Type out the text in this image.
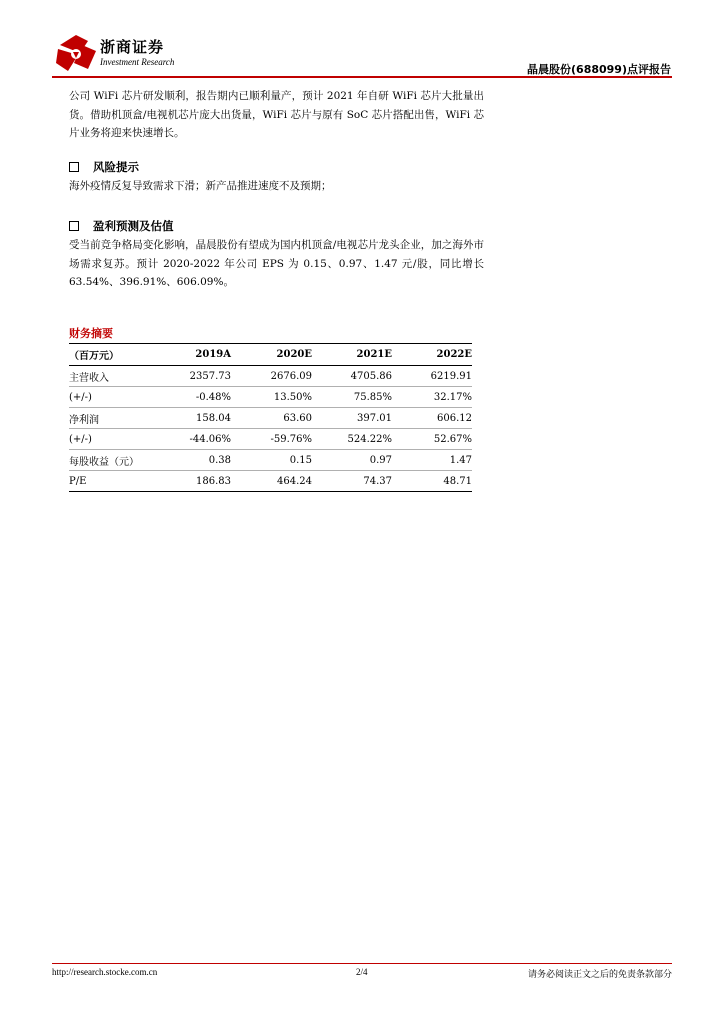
浙商证券
Investment Research
晶晨股份(688099)点评报告
公司 WiFi 芯片研发顺利，报告期内已顺利量产，预计 2021 年自研 WiFi 芯片大批量出货。借助机顶盒/电视机芯片庞大出货量，WiFi 芯片与原有 SoC 芯片搭配出售，WiFi 芯片业务将迎来快速增长。
风险提示
海外疫情反复导致需求下滑；新产品推进速度不及预期；
盈利预测及估值
受当前竞争格局变化影响，晶晨股份有望成为国内机顶盒/电视芯片龙头企业，加之海外市场需求复苏。预计 2020-2022 年公司 EPS 为 0.15、0.97、1.47 元/股，同比增长 63.54%、396.91%、606.09%。
财务摘要
（百万元）	2019A	2020E	2021E	2022E
主营收入	2357.73	2676.09	4705.86	6219.91
(+/-)	-0.48%	13.50%	75.85%	32.17%
净利润	158.04	63.60	397.01	606.12
(+/-)	-44.06%	-59.76%	524.22%	52.67%
每股收益（元）	0.38	0.15	0.97	1.47
P/E	186.83	464.24	74.37	48.71
http://research.stocke.com.cn	2/4	请务必阅读正文之后的免责条款部分
